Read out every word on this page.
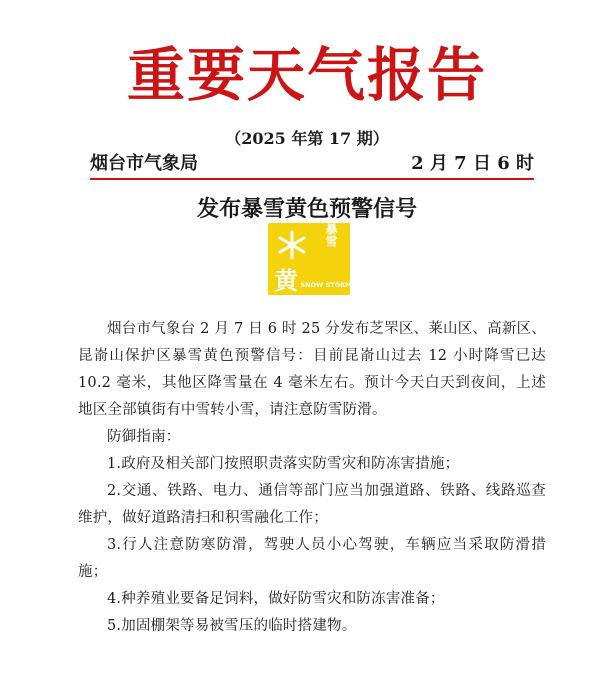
重要天气报告
（2025 年第 17 期）
烟台市气象局	2 月 7 日 6 时
发布暴雪黄色预警信号
暴雪
黄 SNOW STORM

烟台市气象台 2 月 7 日 6 时 25 分发布芝罘区、莱山区、高新区、昆嵛山保护区暴雪黄色预警信号：目前昆嵛山过去 12 小时降雪已达 10.2 毫米，其他区降雪量在 4 毫米左右。预计今天白天到夜间，上述地区全部镇街有中雪转小雪，请注意防雪防滑。

防御指南：

1.政府及相关部门按照职责落实防雪灾和防冻害措施；

2.交通、铁路、电力、通信等部门应当加强道路、铁路、线路巡查维护，做好道路清扫和积雪融化工作；

3.行人注意防寒防滑，驾驶人员小心驾驶，车辆应当采取防滑措施；

4.种养殖业要备足饲料，做好防雪灾和防冻害准备；

5.加固棚架等易被雪压的临时搭建物。
